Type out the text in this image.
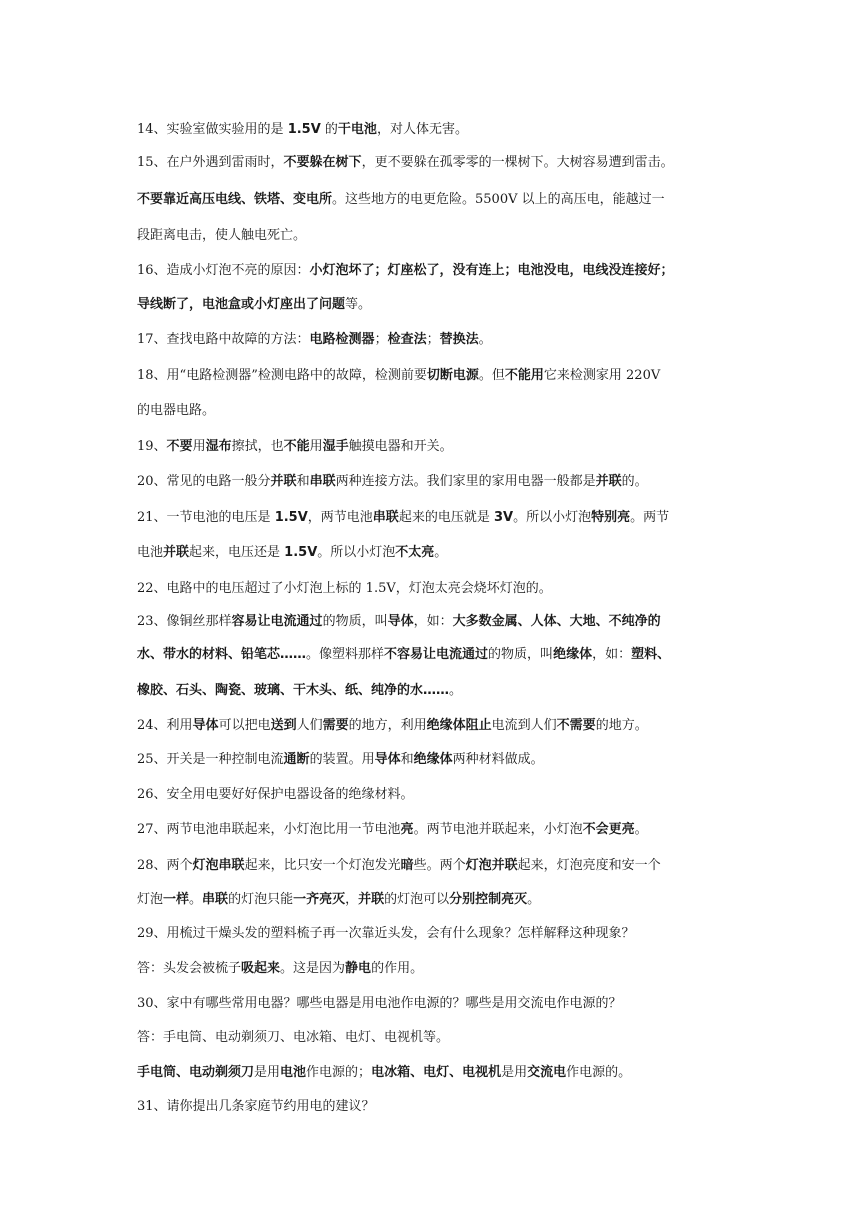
14、实验室做实验用的是 1.5V 的干电池，对人体无害。
15、在户外遇到雷雨时，不要躲在树下，更不要躲在孤零零的一棵树下。大树容易遭到雷击。
不要靠近高压电线、铁塔、变电所。这些地方的电更危险。5500V 以上的高压电，能越过一
段距离电击，使人触电死亡。
16、造成小灯泡不亮的原因：小灯泡坏了；灯座松了，没有连上；电池没电，电线没连接好；
导线断了，电池盒或小灯座出了问题等。
17、查找电路中故障的方法：电路检测器；检查法；替换法。
18、用“电路检测器”检测电路中的故障，检测前要切断电源。但不能用它来检测家用 220V
的电器电路。
19、不要用湿布擦拭，也不能用湿手触摸电器和开关。
20、常见的电路一般分并联和串联两种连接方法。我们家里的家用电器一般都是并联的。
21、一节电池的电压是 1.5V，两节电池串联起来的电压就是 3V。所以小灯泡特别亮。两节
电池并联起来，电压还是 1.5V。所以小灯泡不太亮。
22、电路中的电压超过了小灯泡上标的 1.5V，灯泡太亮会烧坏灯泡的。
23、像铜丝那样容易让电流通过的物质，叫导体，如：大多数金属、人体、大地、不纯净的
水、带水的材料、铅笔芯……。像塑料那样不容易让电流通过的物质，叫绝缘体，如：塑料、
橡胶、石头、陶瓷、玻璃、干木头、纸、纯净的水……。
24、利用导体可以把电送到人们需要的地方，利用绝缘体阻止电流到人们不需要的地方。
25、开关是一种控制电流通断的装置。用导体和绝缘体两种材料做成。
26、安全用电要好好保护电器设备的绝缘材料。
27、两节电池串联起来，小灯泡比用一节电池亮。两节电池并联起来，小灯泡不会更亮。
28、两个灯泡串联起来，比只安一个灯泡发光暗些。两个灯泡并联起来，灯泡亮度和安一个
灯泡一样。串联的灯泡只能一齐亮灭，并联的灯泡可以分别控制亮灭。
29、用梳过干燥头发的塑料梳子再一次靠近头发，会有什么现象？怎样解释这种现象？
答：头发会被梳子吸起来。这是因为静电的作用。
30、家中有哪些常用电器？哪些电器是用电池作电源的？哪些是用交流电作电源的？
答：手电筒、电动剃须刀、电冰箱、电灯、电视机等。
手电筒、电动剃须刀是用电池作电源的；电冰箱、电灯、电视机是用交流电作电源的。
31、请你提出几条家庭节约用电的建议？
